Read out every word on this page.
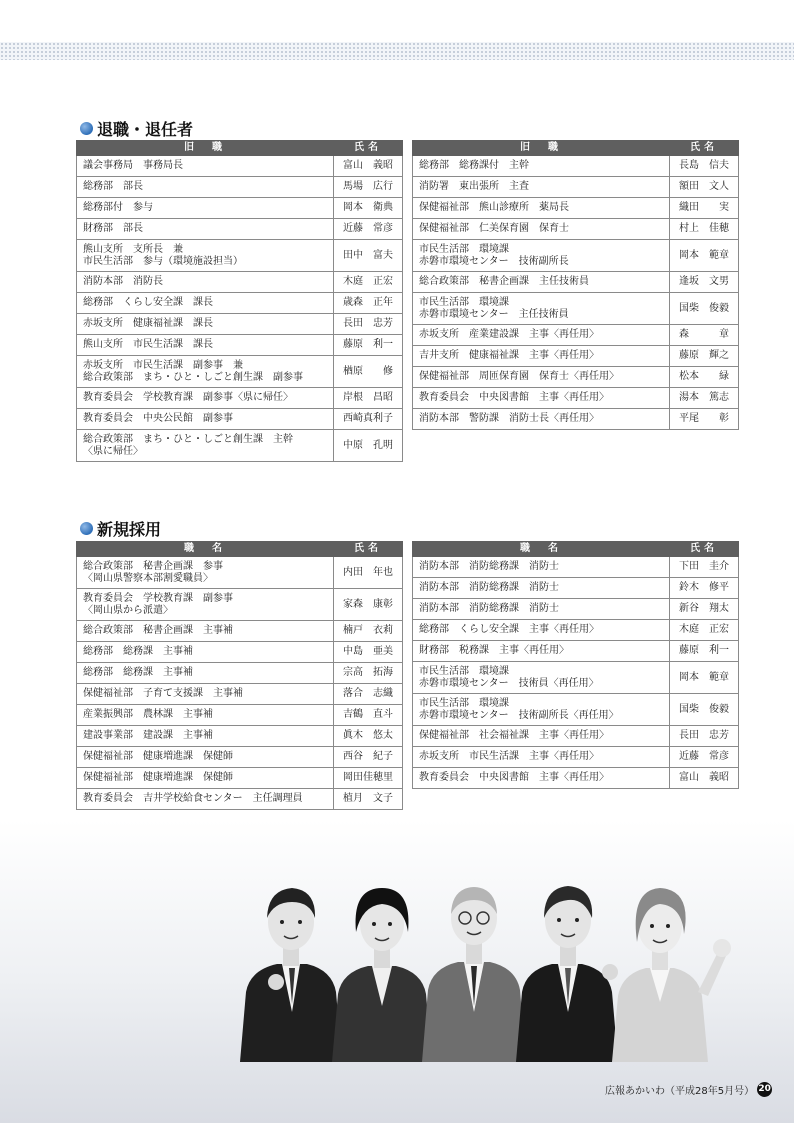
退職・退任者
旧　職	氏名
議会事務局　事務局長	富山　義昭
総務部　部長	馬場　広行
総務部付　参与	岡本　衛典
財務部　部長	近藤　常彦
熊山支所　支所長　兼
市民生活部　参与（環境施設担当）	田中　富夫
消防本部　消防長	木庭　正宏
総務部　くらし安全課　課長	歳森　正年
赤坂支所　健康福祉課　課長	長田　忠芳
熊山支所　市民生活課　課長	藤原　利一
赤坂支所　市民生活課　副参事　兼
総合政策部　まち・ひと・しごと創生課　副参事	楢原　　修
教育委員会　学校教育課　副参事〈県に帰任〉	岸根　昌昭
教育委員会　中央公民館　副参事	西崎真利子
総合政策部　まち・ひと・しごと創生課　主幹
〈県に帰任〉	中原　孔明
旧　職	氏名
総務部　総務課付　主幹	長島　信夫
消防署　東出張所　主査	額田　文人
保健福祉部　熊山診療所　薬局長	織田　　実
保健福祉部　仁美保育園　保育士	村上　佳穂
市民生活部　環境課
赤磐市環境センター　技術副所長	岡本　範章
総合政策部　秘書企画課　主任技術員	逢坂　文男
市民生活部　環境課
赤磐市環境センター　主任技術員	国柴　俊毅
赤坂支所　産業建設課　主事〈再任用〉	森　　　章
吉井支所　健康福祉課　主事〈再任用〉	藤原　輝之
保健福祉部　周匝保育園　保育士〈再任用〉	松本　　緑
教育委員会　中央図書館　主事〈再任用〉	湯本　篤志
消防本部　警防課　消防士長〈再任用〉	平尾　　彰
新規採用
職　名	氏名
総合政策部　秘書企画課　参事
〈岡山県警察本部割愛職員〉	内田　年也
教育委員会　学校教育課　副参事
〈岡山県から派遣〉	家森　康彰
総合政策部　秘書企画課　主事補	楠戸　衣莉
総務部　総務課　主事補	中島　亜美
総務部　総務課　主事補	宗高　拓海
保健福祉部　子育て支援課　主事補	落合　志織
産業振興部　農林課　主事補	吉鶴　直斗
建設事業部　建設課　主事補	眞木　悠太
保健福祉部　健康増進課　保健師	西谷　紀子
保健福祉部　健康増進課　保健師	岡田佳穂里
教育委員会　吉井学校給食センター　主任調理員	植月　文子
職　名	氏名
消防本部　消防総務課　消防士	下田　圭介
消防本部　消防総務課　消防士	鈴木　修平
消防本部　消防総務課　消防士	新谷　翔太
総務部　くらし安全課　主事〈再任用〉	木庭　正宏
財務部　税務課　主事〈再任用〉	藤原　利一
市民生活部　環境課
赤磐市環境センター　技術員〈再任用〉	岡本　範章
市民生活部　環境課
赤磐市環境センター　技術副所長〈再任用〉	国柴　俊毅
保健福祉部　社会福祉課　主事〈再任用〉	長田　忠芳
赤坂支所　市民生活課　主事〈再任用〉	近藤　常彦
教育委員会　中央図書館　主事〈再任用〉	富山　義昭
広報あかいわ（平成28年5月号） 20
